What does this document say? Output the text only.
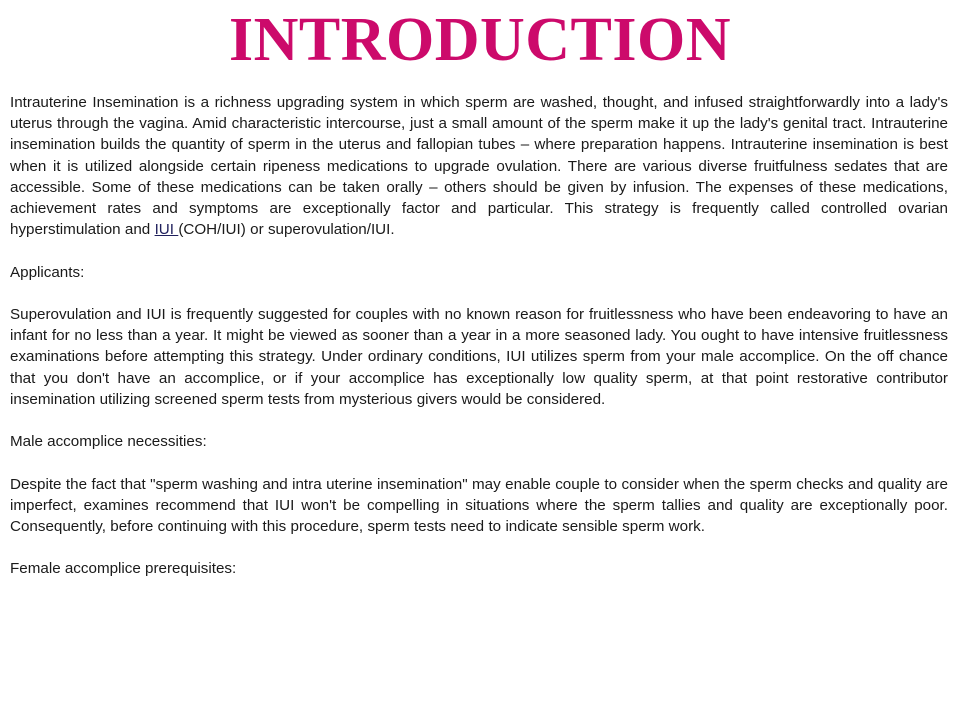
INTRODUCTION

Intrauterine Insemination is a richness upgrading system in which sperm are washed, thought, and infused straightforwardly into a lady's uterus through the vagina. Amid characteristic intercourse, just a small amount of the sperm make it up the lady's genital tract. Intrauterine insemination builds the quantity of sperm in the uterus and fallopian tubes – where preparation happens. Intrauterine insemination is best when it is utilized alongside certain ripeness medications to upgrade ovulation. There are various diverse fruitfulness sedates that are accessible. Some of these medications can be taken orally – others should be given by infusion. The expenses of these medications, achievement rates and symptoms are exceptionally factor and particular. This strategy is frequently called controlled ovarian hyperstimulation and IUI (COH/IUI) or superovulation/IUI.

Applicants:

Superovulation and IUI is frequently suggested for couples with no known reason for fruitlessness who have been endeavoring to have an infant for no less than a year. It might be viewed as sooner than a year in a more seasoned lady. You ought to have intensive fruitlessness examinations before attempting this strategy. Under ordinary conditions, IUI utilizes sperm from your male accomplice. On the off chance that you don't have an accomplice, or if your accomplice has exceptionally low quality sperm, at that point restorative contributor insemination utilizing screened sperm tests from mysterious givers would be considered.

Male accomplice necessities:

Despite the fact that "sperm washing and intra uterine insemination" may enable couple to consider when the sperm checks and quality are imperfect, examines recommend that IUI won't be compelling in situations where the sperm tallies and quality are exceptionally poor. Consequently, before continuing with this procedure, sperm tests need to indicate sensible sperm work.

Female accomplice prerequisites:
